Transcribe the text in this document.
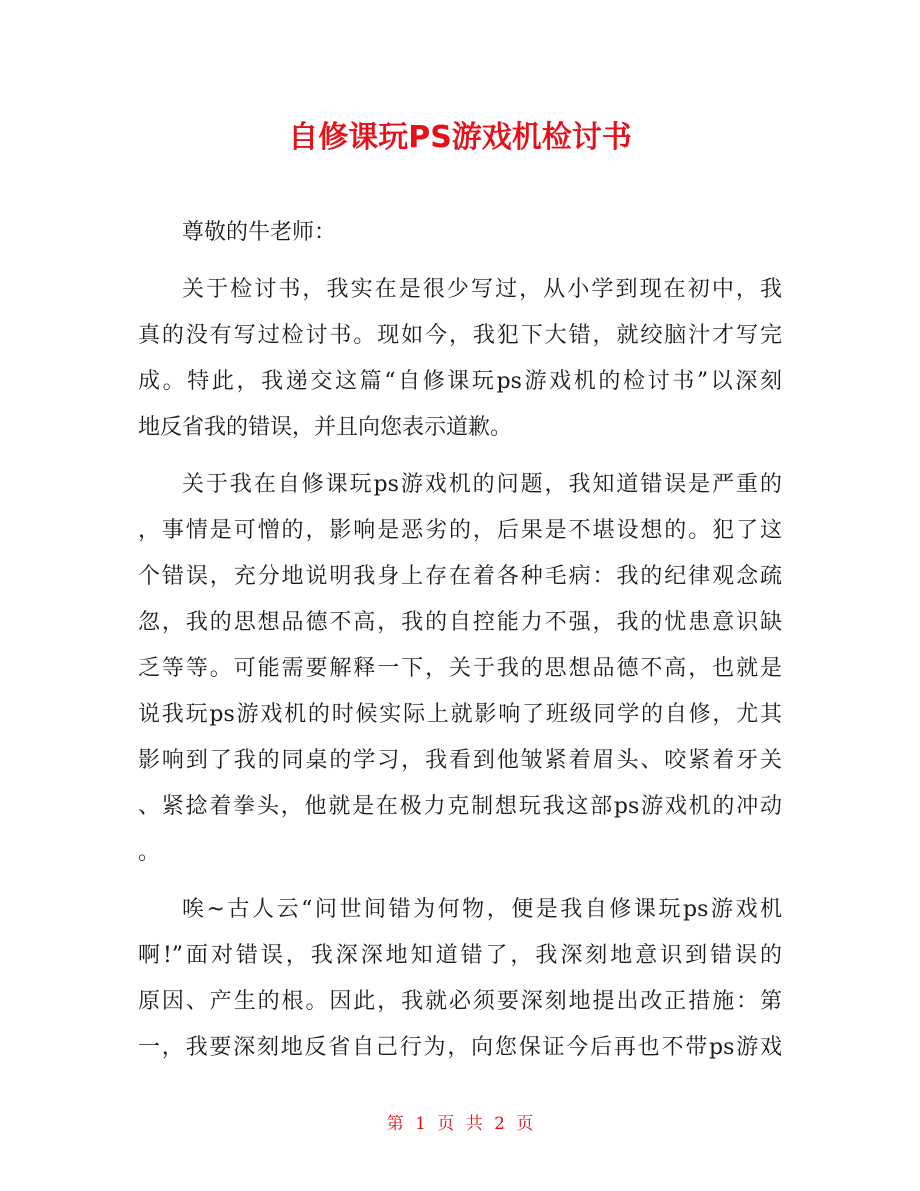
自修课玩PS游戏机检讨书
尊敬的牛老师：
关于检讨书，我实在是很少写过，从小学到现在初中，我
真的没有写过检讨书。现如今，我犯下大错，就绞脑汁才写完
成。特此，我递交这篇“自修课玩ps游戏机的检讨书”以深刻
地反省我的错误，并且向您表示道歉。
关于我在自修课玩ps游戏机的问题，我知道错误是严重的
，事情是可憎的，影响是恶劣的，后果是不堪设想的。犯了这
个错误，充分地说明我身上存在着各种毛病：我的纪律观念疏
忽，我的思想品德不高，我的自控能力不强，我的忧患意识缺
乏等等。可能需要解释一下，关于我的思想品德不高，也就是
说我玩ps游戏机的时候实际上就影响了班级同学的自修，尤其
影响到了我的同桌的学习，我看到他皱紧着眉头、咬紧着牙关
、紧捻着拳头，他就是在极力克制想玩我这部ps游戏机的冲动
。
唉~古人云“问世间错为何物，便是我自修课玩ps游戏机
啊!”面对错误，我深深地知道错了，我深刻地意识到错误的
原因、产生的根。因此，我就必须要深刻地提出改正措施：第
一，我要深刻地反省自己行为，向您保证今后再也不带ps游戏
第 1 页 共 2 页
